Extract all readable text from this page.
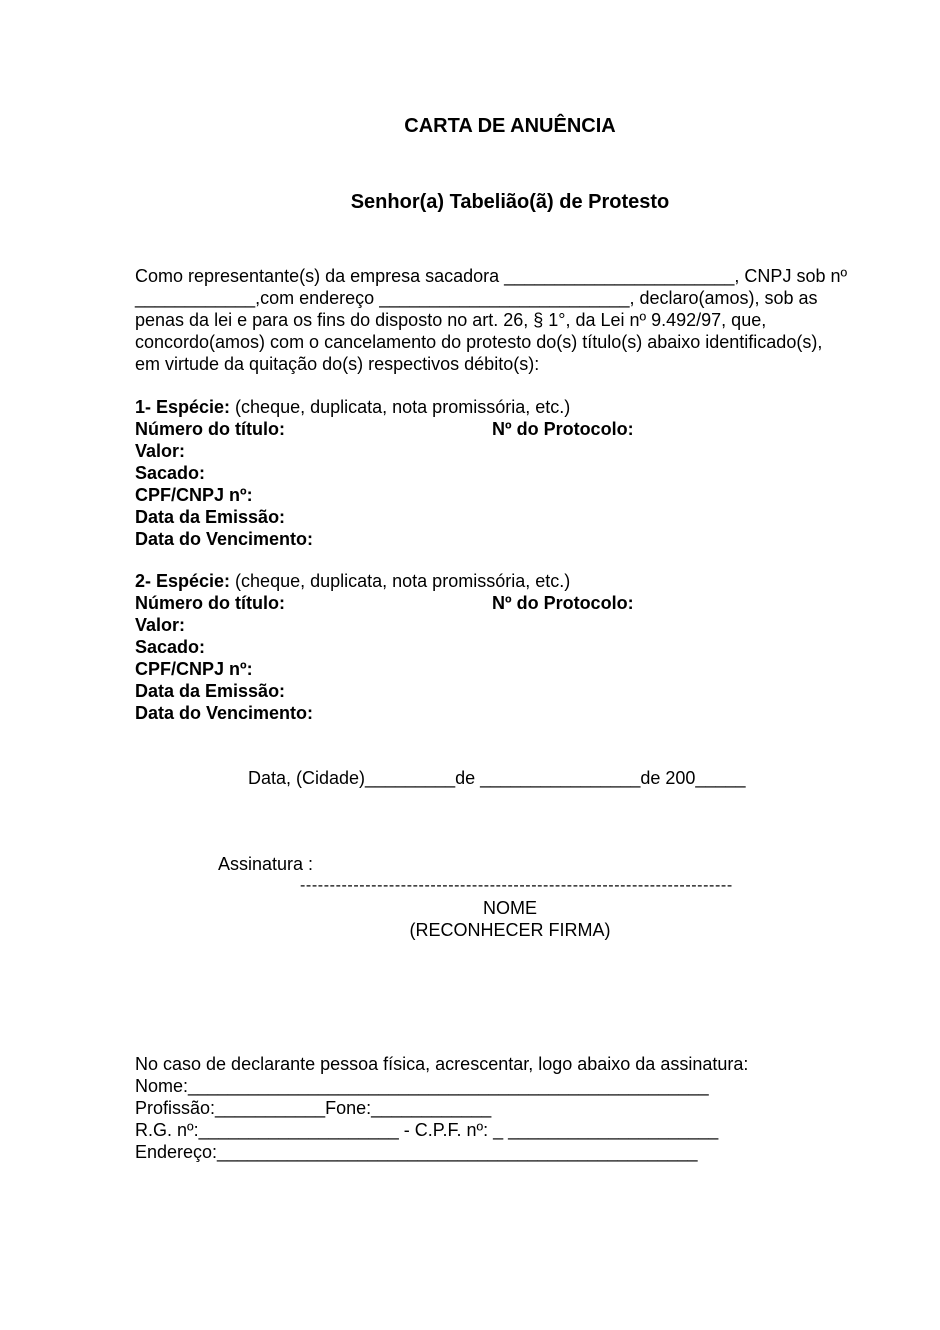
CARTA DE ANUÊNCIA
Senhor(a) Tabelião(ã) de Protesto
Como representante(s) da empresa sacadora _______________________, CNPJ sob nº
____________,com endereço _________________________, declaro(amos), sob as
penas da lei e para os fins do disposto no art. 26, § 1°, da Lei nº 9.492/97, que,
concordo(amos) com o cancelamento do protesto do(s) título(s) abaixo identificado(s),
em virtude da quitação do(s) respectivos débito(s):
1- Espécie: (cheque, duplicata, nota promissória, etc.)
Número do título:	Nº do Protocolo:
Valor:
Sacado:
CPF/CNPJ nº:
Data da Emissão:
Data do Vencimento:
2- Espécie: (cheque, duplicata, nota promissória, etc.)
Número do título:	Nº do Protocolo:
Valor:
Sacado:
CPF/CNPJ nº:
Data da Emissão:
Data do Vencimento:
Data, (Cidade)_________de ________________de 200_____
Assinatura :
-------------------------------------------------------------------------
NOME
(RECONHECER FIRMA)
No caso de declarante pessoa física, acrescentar, logo abaixo da assinatura:
Nome:____________________________________________________
Profissão:___________Fone:____________
R.G. nº:____________________ - C.P.F. nº: _ _____________________
Endereço:________________________________________________
